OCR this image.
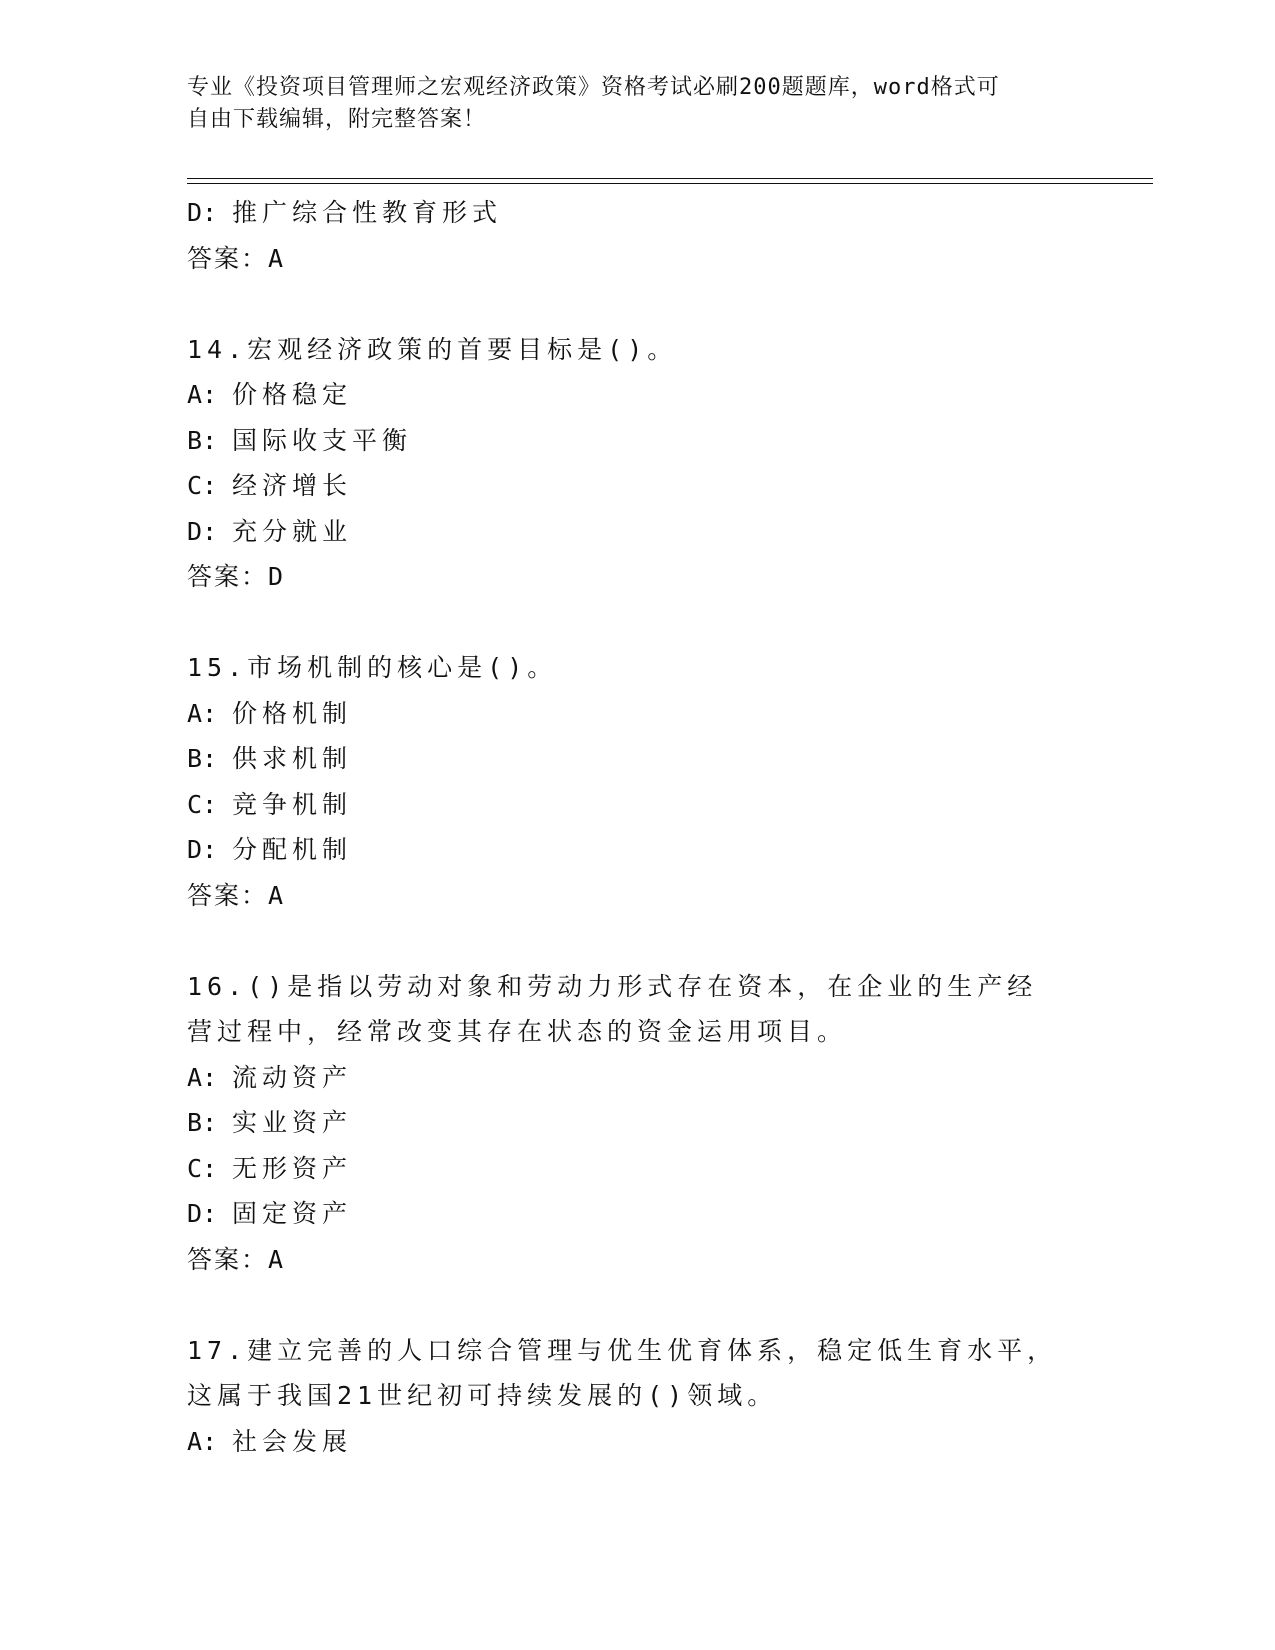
专业《投资项目管理师之宏观经济政策》资格考试必刷200题题库，word格式可
自由下载编辑，附完整答案！
D: 推广综合性教育形式
答案：A
14.宏观经济政策的首要目标是()。
A: 价格稳定
B: 国际收支平衡
C: 经济增长
D: 充分就业
答案：D
15.市场机制的核心是()。
A: 价格机制
B: 供求机制
C: 竞争机制
D: 分配机制
答案：A
16.()是指以劳动对象和劳动力形式存在资本，在企业的生产经营过程中，经常改变其存在状态的资金运用项目。
A: 流动资产
B: 实业资产
C: 无形资产
D: 固定资产
答案：A
17.建立完善的人口综合管理与优生优育体系，稳定低生育水平，这属于我国21世纪初可持续发展的()领域。
A: 社会发展
